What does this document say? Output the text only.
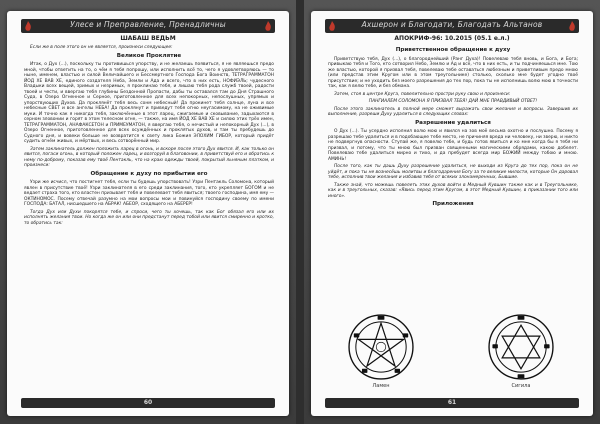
Улесе и Преправление, Пренадличны
ШАБАШ ВЕДЬМ

Если же в поле этого он не является, произнеси следующее:

Великое Проклятие

Итак, о Дух (...), поскольку ты противишься упорству, и не желаешь появиться, я не являешься предо мной, чтобы ответить на то, о чём я тебя попрошу, или исполнить всё то, чего я удовлетворяюсь — то ныне, именем, властью и силой Величайшего и Бессмертного Господа Бога Воинств, ТЕТРАГРАММАТОН ЙОД ХЕ ВАВ ХЕ, единого создателя Неба, Земли и Ада и всего, что в них есть, НОФИЭЛЬ; чудесного Владыки всех вещей, зримых и незримых, я проклинаю тебя, и лишаю тебя рода служб твоей, радости твоей и чести, и ввергаю тебя глубины Бездонной Пропасти, дабы ты оставался там до Дня Страшного Суда, в Озеро Огненное и Серное, приготовленное для всех непокорных, непослушных, упрямых и упорствующих Духов. Да проклянёт тебя весь сонм небесный! Да прокинет тебя солнце, луна и все небесные СВЕТ и все ангелы НЕБА! Да проклянут и приведут тебя огню неугасимому, на не оживимые муки. И точно как я никогда тебя, заключённые в этот ларец, сжигаемые и сковывание, задыхаются в серном зловонии и горят в этом телесном огне, — также, на имя ЙОД ХЕ ВАВ ХЕ и силою этих трёх имен, ТЕТРАГРАММАТОН, АНАФАКСЕТОН и ПРИМЕУМАТОН, я ввергаю тебя, о нечистый и непокорный Дух (...), в Озеро Огненное, приготовленное для всех осуждённых и проклятых духов, и там ты пребудешь до Судного дня, и вовеки больше не возвратится к свету лика Божия ЭЛОХИМ ГИБОР, который придёт судить огнём живых, и мёртвых, и весь сотворённый мир.

Затем заклинатель должен положить ларец в огонь, и вскоре после этого Дух явится. И, как только он явится, погаси огонь, в который положен ларец, и возгоруй в благовонии, в приветствуй его и обратись к нему по-доброму, показав ему твоё Пентакль, что на краю одежды твоей, покрытый льняным платком, и произнеси:

Обращение к духу по прибытии его

Узри же исчисл, что постигнет тебя, если ты будешь упорствовать! Узри Пентакль Соломона, который явлен в присутствие твоё! Узри заклинателя в его среди заклинания, того, кто укрепляет БОГОМ и не ведает страха того, кто властен призывает тебя и повелевает тебя явиться; твоего господина, имя ему — ОКТИНОМОС. Посему отвечай разумно на мои вопросы мои и повинуйся господину своему по имени ГОСПОДА: БАТАЛ, нисшедшего на АБРАК! АБЕОР, сходящего на АБЕРЕР!

Тогда Дух или Духи покорятся тебе, и спроси, чего ты хочешь, так как Бог обязал его или их исполнять желания твои. Но когда же он или они предстанут перед тобой или явится смиренно и кротко, то обратись так:

60
Ахшерон и Благодати, Благодать Альтанов
АПОКРИФ-96: 10.2015 (05.1 е.л.)
Приветственное обращение к духу

Приветствую тебя, Дух (...), о благороднейший (Ранг Духа)! Повелеваю тебя вновь, и Бога, и Бога; привыкаю тебя и Того, кто сотворил Небо, Землю и Ад и всё, что в них есть, и ты подчиняешься мне. Тою же властью, которой я призвал тебя, повелеваю тебе оставаться любезным и приветливым предо мною (или представ этим Кругом или в этом треугольнике) столько, сколько мне будет угодно твоё присутствие; и не уходить без моего разрешения до тех пор, пока ты не исполнишь волю мою в точности так, как я велю тебе, и без обмана.

Затем, стоя в центре Круга, повелительно простри руку свою и произнеси:

ПАНГИАЛЕМ СОЛОМОНА Я ПРИЗВАЛ ТЕБЯ! ДАЙ МНЕ ПРАВДИВЫЙ ОТВЕТ!

После этого заклинатель в полной мере сможет выражать свои желания и вопросы. Завершив их выполнение, разреши Духу удалиться в следующих словах:

Разрешение удалиться

О Дух (...). Ты усердно исполнил волю мою и явился на зов моё весьма охотно и послушно. Посему я разрешаю тебе удалиться и в подобающее тебе место, не причиняя вреда ни человеку, ни зверю, и никто не подвергнув опасности. Ступай же, я повелю тебе, и будь готов явиться и ко мне когда бы я тебя ни призвал, и потому, что ты мною был призван священными магическими обрядами, какою добелет. Повелеваю тебе удалиться мирно и тихо, и да пребудет всегда мир БОЖИЙ между тобою и мною. АМИНЬ!

После того, как ты дашь Духу разрешение удалиться, не выходи из Круга до тех пор, пока он не уйдёт, и пока ты не вознесёшь молитвы и благодарения Богу за те великие милости, которые Он даровал тебе, исполнив твои желания и избавив тебя от всяких злонамеренных, Бывшие.

Также знай, что можешь повелеть этих духов войти в Медный Кувшин также как и в Треугольнике, как и в треугольных, сказав: «Явись перед этим Кругом, в этот Медный Кувшин, в приказании того или иного».

Приложения
Ламен	Сигила
61
